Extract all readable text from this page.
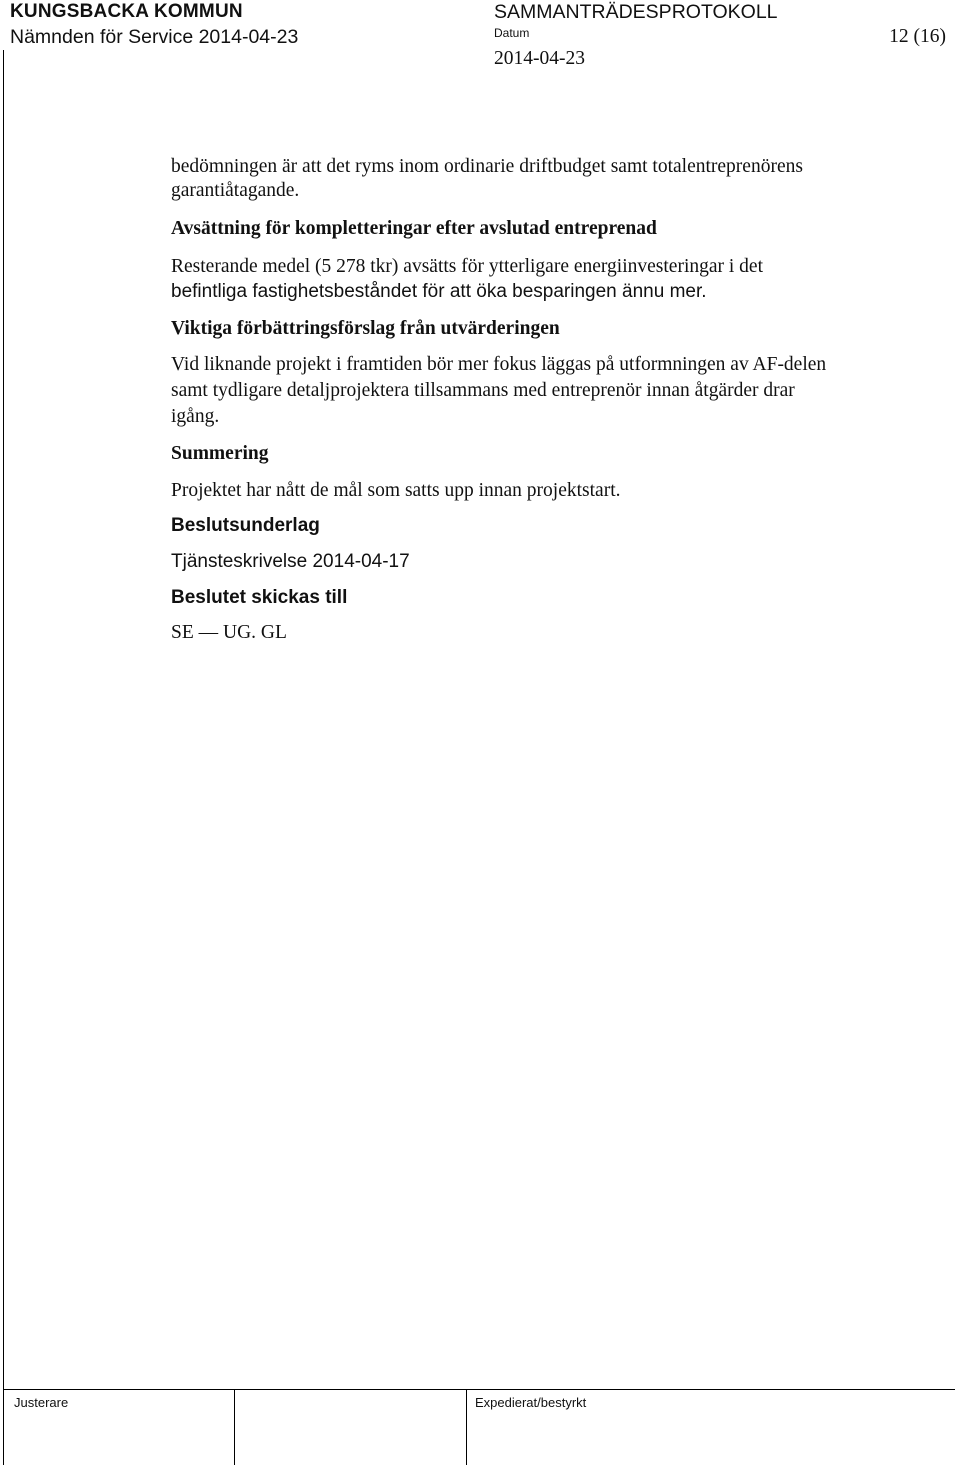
KUNGSBACKA KOMMUN
Nämnden för Service 2014-04-23
SAMMANTRÄDESPROTOKOLL
Datum
2014-04-23
12 (16)
bedömningen är att det ryms inom ordinarie driftbudget samt totalentreprenörens
garantiåtagande.
Avsättning för kompletteringar efter avslutad entreprenad
Resterande medel (5 278 tkr) avsätts för ytterligare energiinvesteringar i det
befintliga fastighetsbeståndet för att öka besparingen ännu mer.
Viktiga förbättringsförslag från utvärderingen
Vid liknande projekt i framtiden bör mer fokus läggas på utformningen av AF-delen
samt tydligare detaljprojektera tillsammans med entreprenör innan åtgärder drar
igång.
Summering
Projektet har nått de mål som satts upp innan projektstart.
Beslutsunderlag
Tjänsteskrivelse 2014-04-17
Beslutet skickas till
SE — UG. GL
Justerare	Expedierat/bestyrkt
